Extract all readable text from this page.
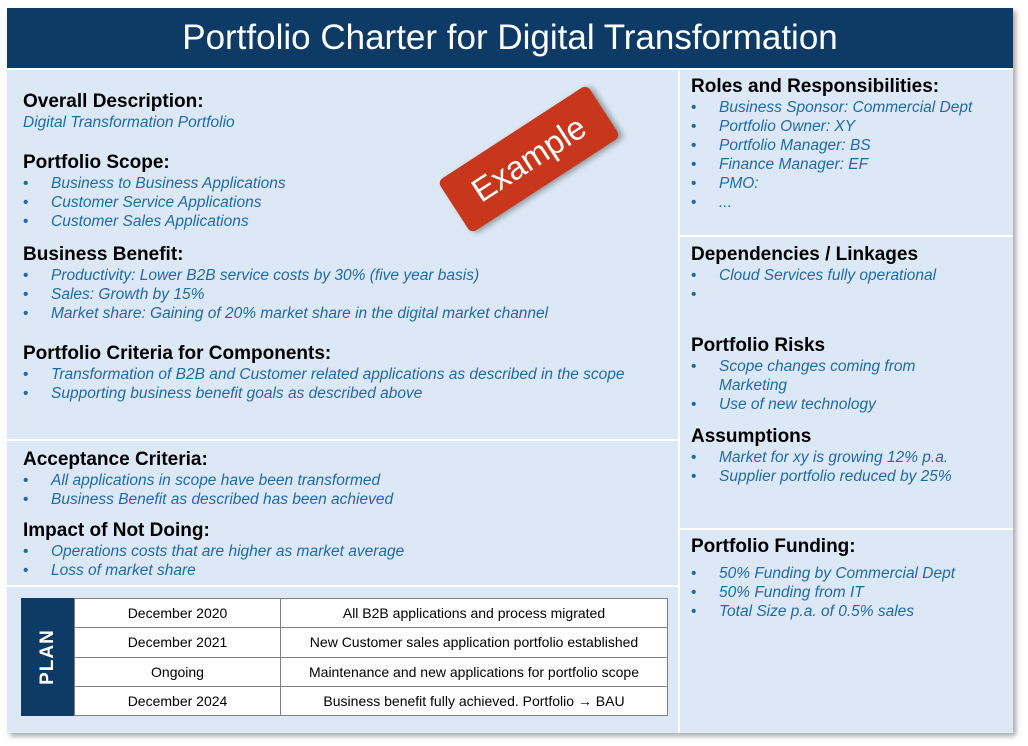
Portfolio Charter for Digital Transformation

Overall Description:

Digital Transformation Portfolio

Portfolio Scope:

• Business to Business Applications
• Customer Service Applications
• Customer Sales Applications

Business Benefit:

• Productivity: Lower B2B service costs by 30% (five year basis)
• Sales: Growth by 15%
• Market share: Gaining of 20% market share in the digital market channel

Portfolio Criteria for Components:

• Transformation of B2B and Customer related applications as described in the scope
• Supporting business benefit goals as described above

Acceptance Criteria:

• All applications in scope have been transformed
• Business Benefit as described has been achieved

Impact of Not Doing:

• Operations costs that are higher as market average
• Loss of market share
PLAN
December 2020	All B2B applications and process migrated
December 2021	New Customer sales application portfolio established
Ongoing	Maintenance and new applications for portfolio scope
December 2024	Business benefit fully achieved. Portfolio → BAU

Roles and Responsibilities:

• Business Sponsor: Commercial Dept
• Portfolio Owner: XY
• Portfolio Manager: BS
• Finance Manager: EF
• PMO:
• ...

Dependencies / Linkages

• Cloud Services fully operational
•

Portfolio Risks

• Scope changes coming from Marketing
• Use of new technology

Assumptions

• Market for xy is growing 12% p.a.
• Supplier portfolio reduced by 25%

Portfolio Funding:

• 50% Funding by Commercial Dept
• 50% Funding from IT
• Total Size p.a. of 0.5% sales
Example
